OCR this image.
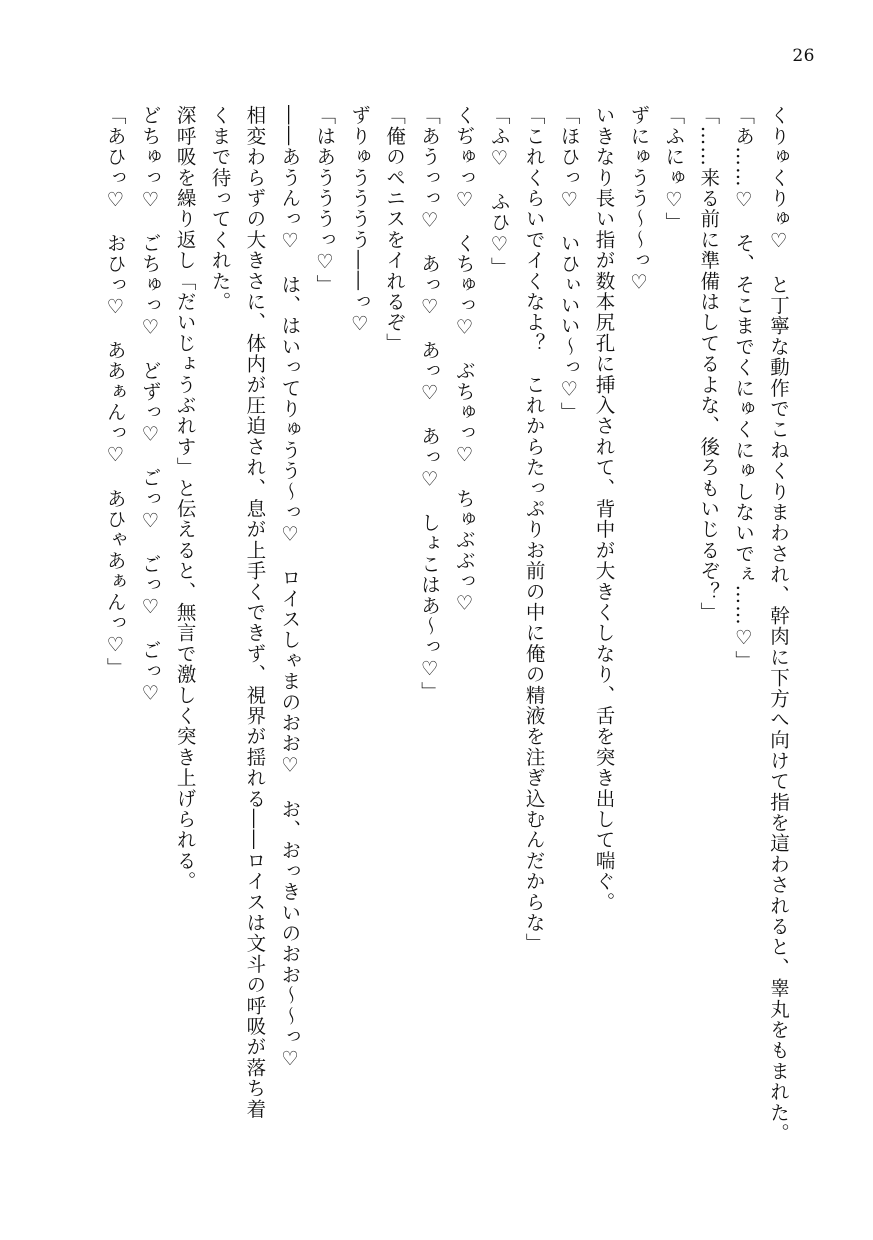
26

くりゅくりゅ♡　と丁寧な動作でこねくりまわされ、幹肉に下方へ向けて指を這わされると、睾丸をもまれた。

「あ……♡　そ、そこまでくにゅくにゅしないでぇ……♡」

「……来る前に準備はしてるよな、後ろもいじるぞ？」

「ふにゅ♡」

ずにゅうう〜〜っ♡

いきなり長い指が数本尻孔に挿入されて、背中が大きくしなり、舌を突き出して喘ぐ。

「ほひっ♡　いひぃいい〜っ♡」

「これくらいでイくなよ？　これからたっぷりお前の中に俺の精液を注ぎ込むんだからな」

「ふ♡　ふひ♡」

くぢゅっ♡　くちゅっ♡　ぶちゅっ♡　ちゅぶぶっ♡

「あうっっ♡　あっ♡　あっ♡　あっ♡　しょこはあ〜っ♡」

「俺のペニスをイれるぞ」

ずりゅうううう――っ♡

「はあうううっ♡」

――あうんっ♡　は、はいってりゅうう〜っ♡　ロイスしゃまのおお♡　お、おっきいのおお〜〜っ♡

相変わらずの大きさに、体内が圧迫され、息が上手くできず、視界が揺れる――ロイスは文斗の呼吸が落ち着

くまで待ってくれた。

深呼吸を繰り返し「だいじょうぶれす」と伝えると、無言で激しく突き上げられる。

どちゅっ♡　ごちゅっ♡　どずっ♡　ごっ♡　ごっ♡　ごっ♡

「あひっ♡　おひっ♡　ああぁんっ♡　あひゃあぁんっ♡」
